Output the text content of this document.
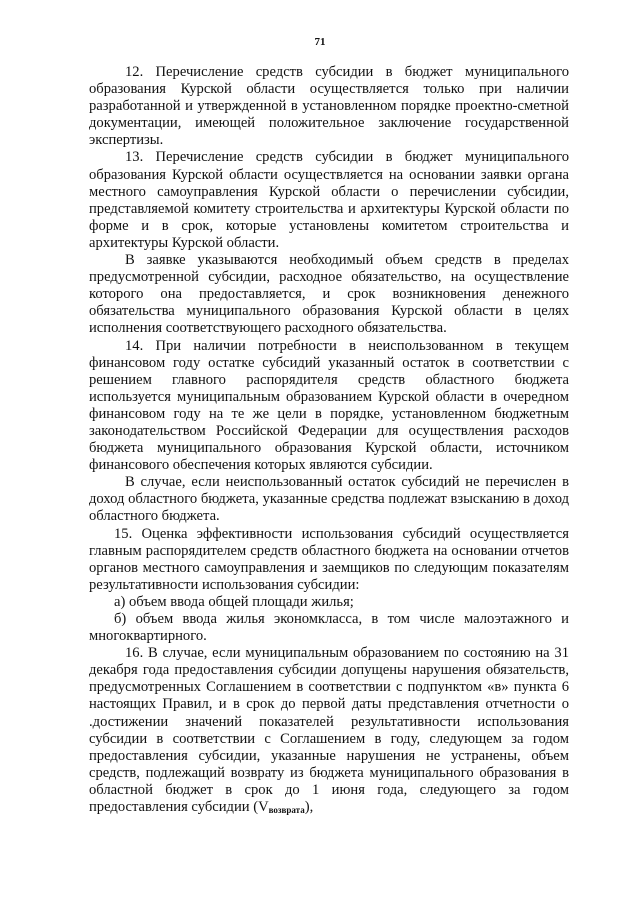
71

12. Перечисление средств субсидии в бюджет муниципального образования Курской области осуществляется только при наличии разработанной и утвержденной в установленном порядке проектно-сметной документации, имеющей положительное заключение государственной экспертизы.

13. Перечисление средств субсидии в бюджет муниципального образования Курской области осуществляется на основании заявки органа местного самоуправления Курской области о перечислении субсидии, представляемой комитету строительства и архитектуры Курской области по форме и в срок, которые установлены комитетом строительства и архитектуры Курской области.

В заявке указываются необходимый объем средств в пределах предусмотренной субсидии, расходное обязательство, на осуществление которого она предоставляется, и срок возникновения денежного обязательства муниципального образования Курской области в целях исполнения соответствующего расходного обязательства.

14. При наличии потребности в неиспользованном в текущем финансовом году остатке субсидий указанный остаток в соответствии с решением главного распорядителя средств областного бюджета используется муниципальным образованием Курской области в очередном финансовом году на те же цели в порядке, установленном бюджетным законодательством Российской Федерации для осуществления расходов бюджета муниципального образования Курской области, источником финансового обеспечения которых являются субсидии.

В случае, если неиспользованный остаток субсидий не перечислен в доход областного бюджета, указанные средства подлежат взысканию в доход областного бюджета.

15. Оценка эффективности использования субсидий осуществляется главным распорядителем средств областного бюджета на основании отчетов органов местного самоуправления и заемщиков по следующим показателям результативности использования субсидии:

а) объем ввода общей площади жилья;

б) объем ввода жилья экономкласса, в том числе малоэтажного и многоквартирного.

16. В случае, если муниципальным образованием по состоянию на 31 декабря года предоставления субсидии допущены нарушения обязательств, предусмотренных Соглашением в соответствии с подпунктом «в» пункта 6 настоящих Правил, и в срок до первой даты представления отчетности о .достижении значений показателей результативности использования субсидии в соответствии с Соглашением в году, следующем за годом предоставления субсидии, указанные нарушения не устранены, объем средств, подлежащий возврату из бюджета муниципального образования в областной бюджет в срок до 1 июня года, следующего за годом предоставления субсидии $(V_{возврата})$,
